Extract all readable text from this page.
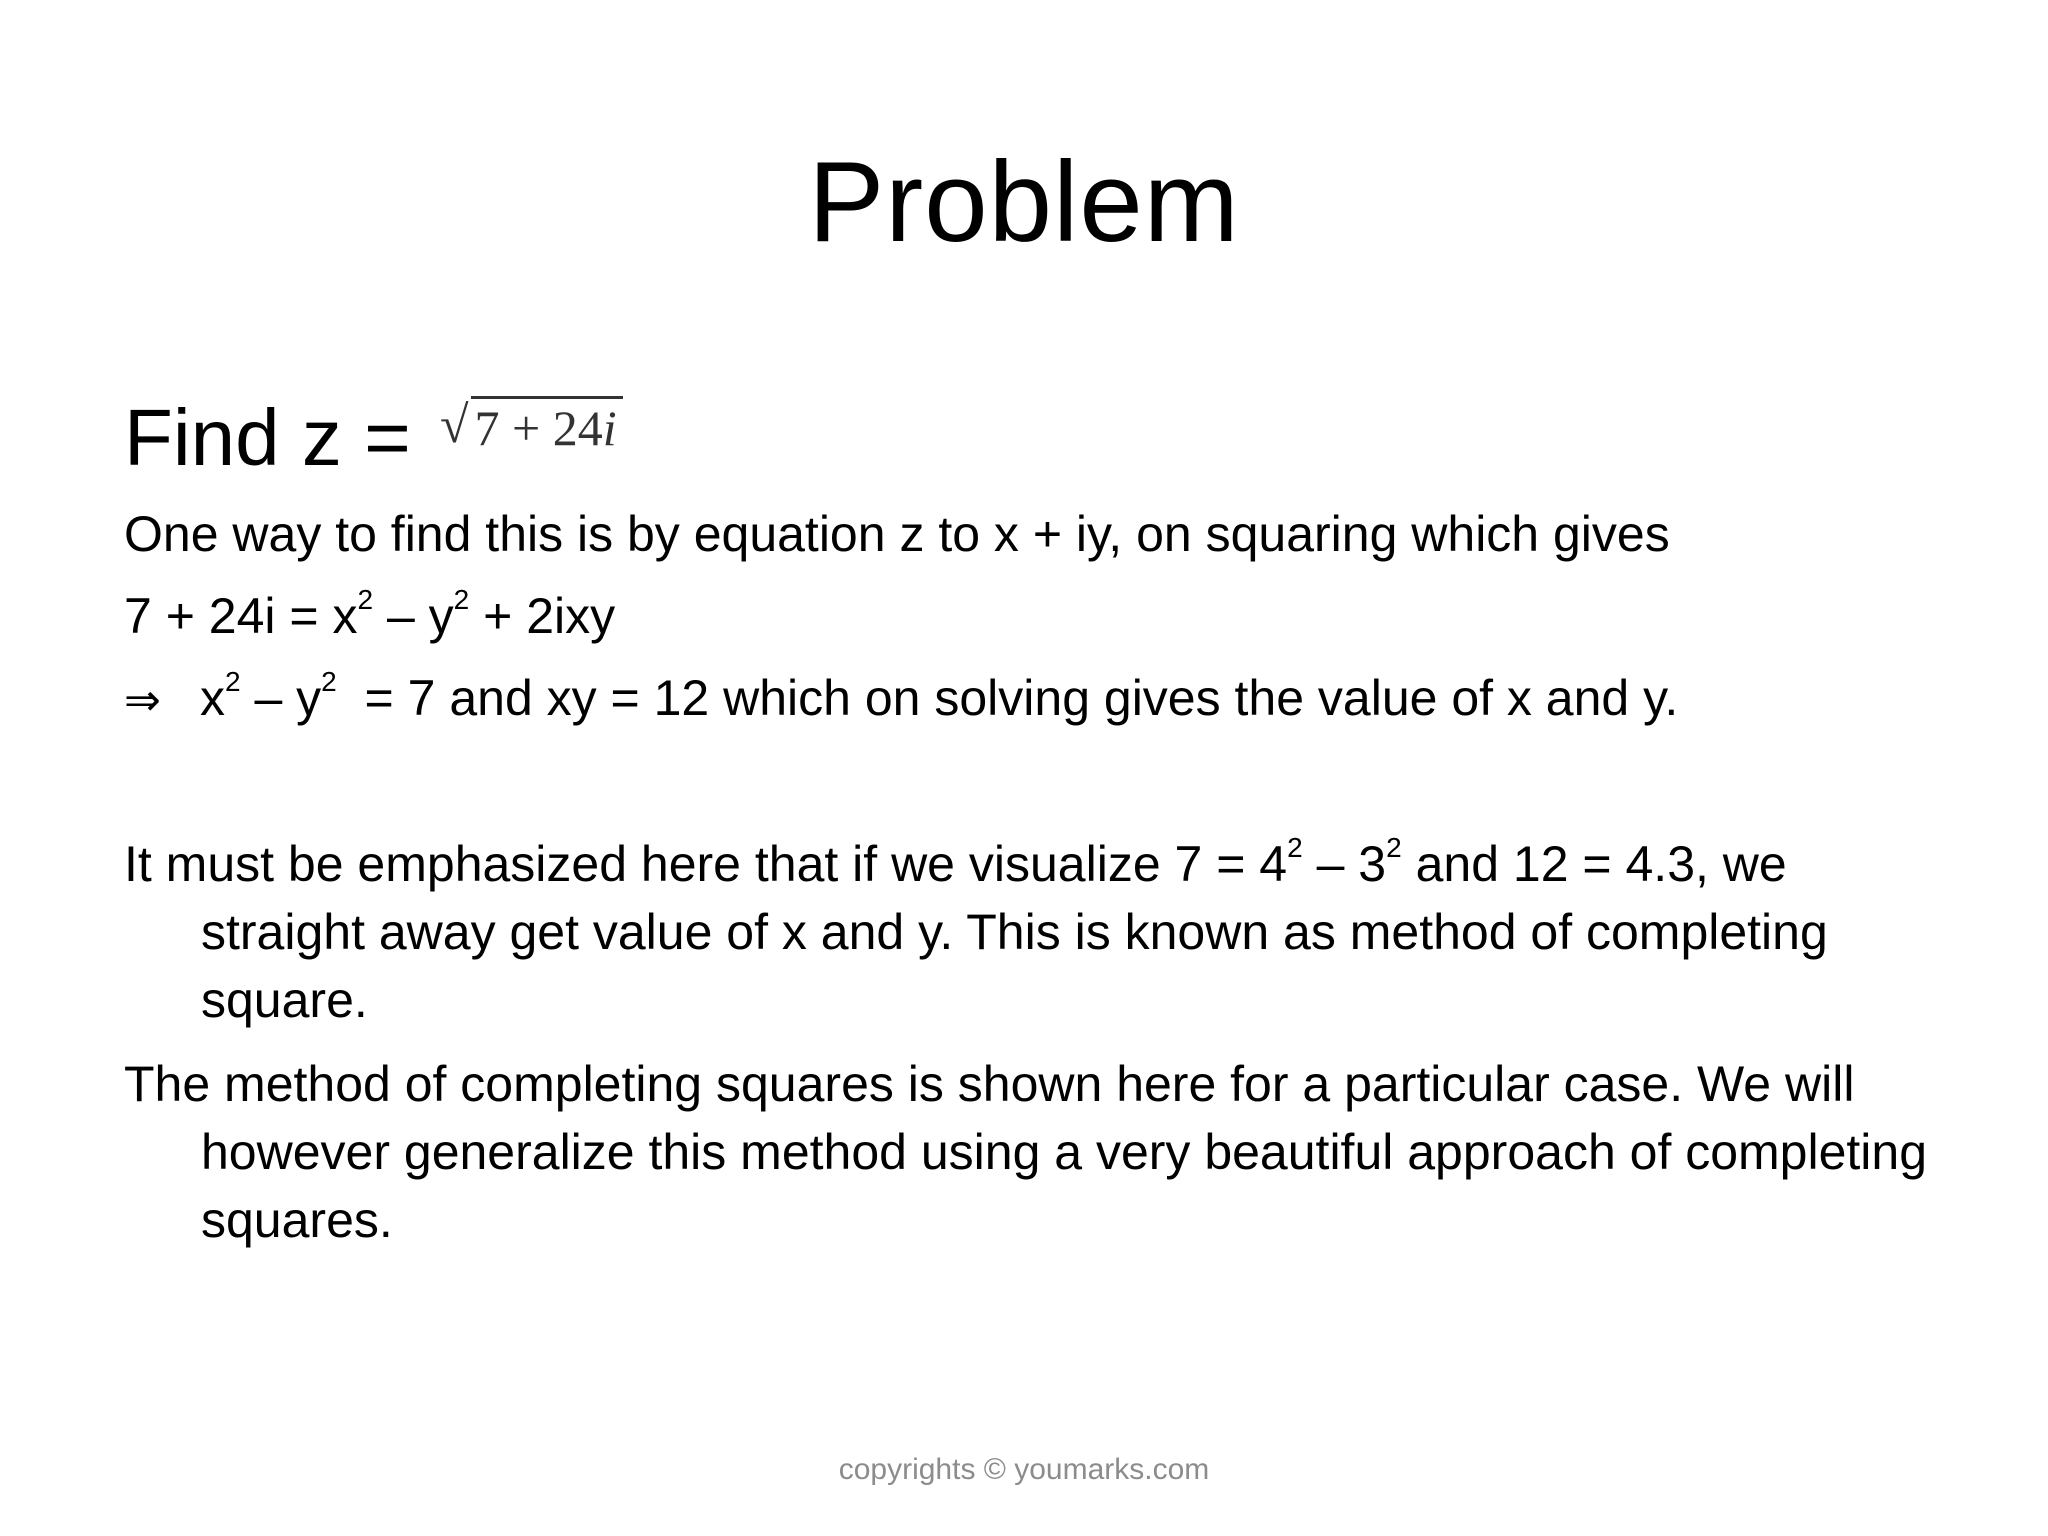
Problem
Find z = √ 7 + 24i
One way to find this is by equation z to x + iy, on squaring which gives
$7 + 24i = x^2 - y^2 + 2ixy$
⇒ $x^2 - y^2 = 7$ and xy = 12 which on solving gives the value of x and y.
It must be emphasized here that if we visualize $7 = 4^2 - 3^2$ and 12 = 4.3, we straight away get value of x and y. This is known as method of completing square.
The method of completing squares is shown here for a particular case. We will however generalize this method using a very beautiful approach of completing squares.
copyrights © youmarks.com
